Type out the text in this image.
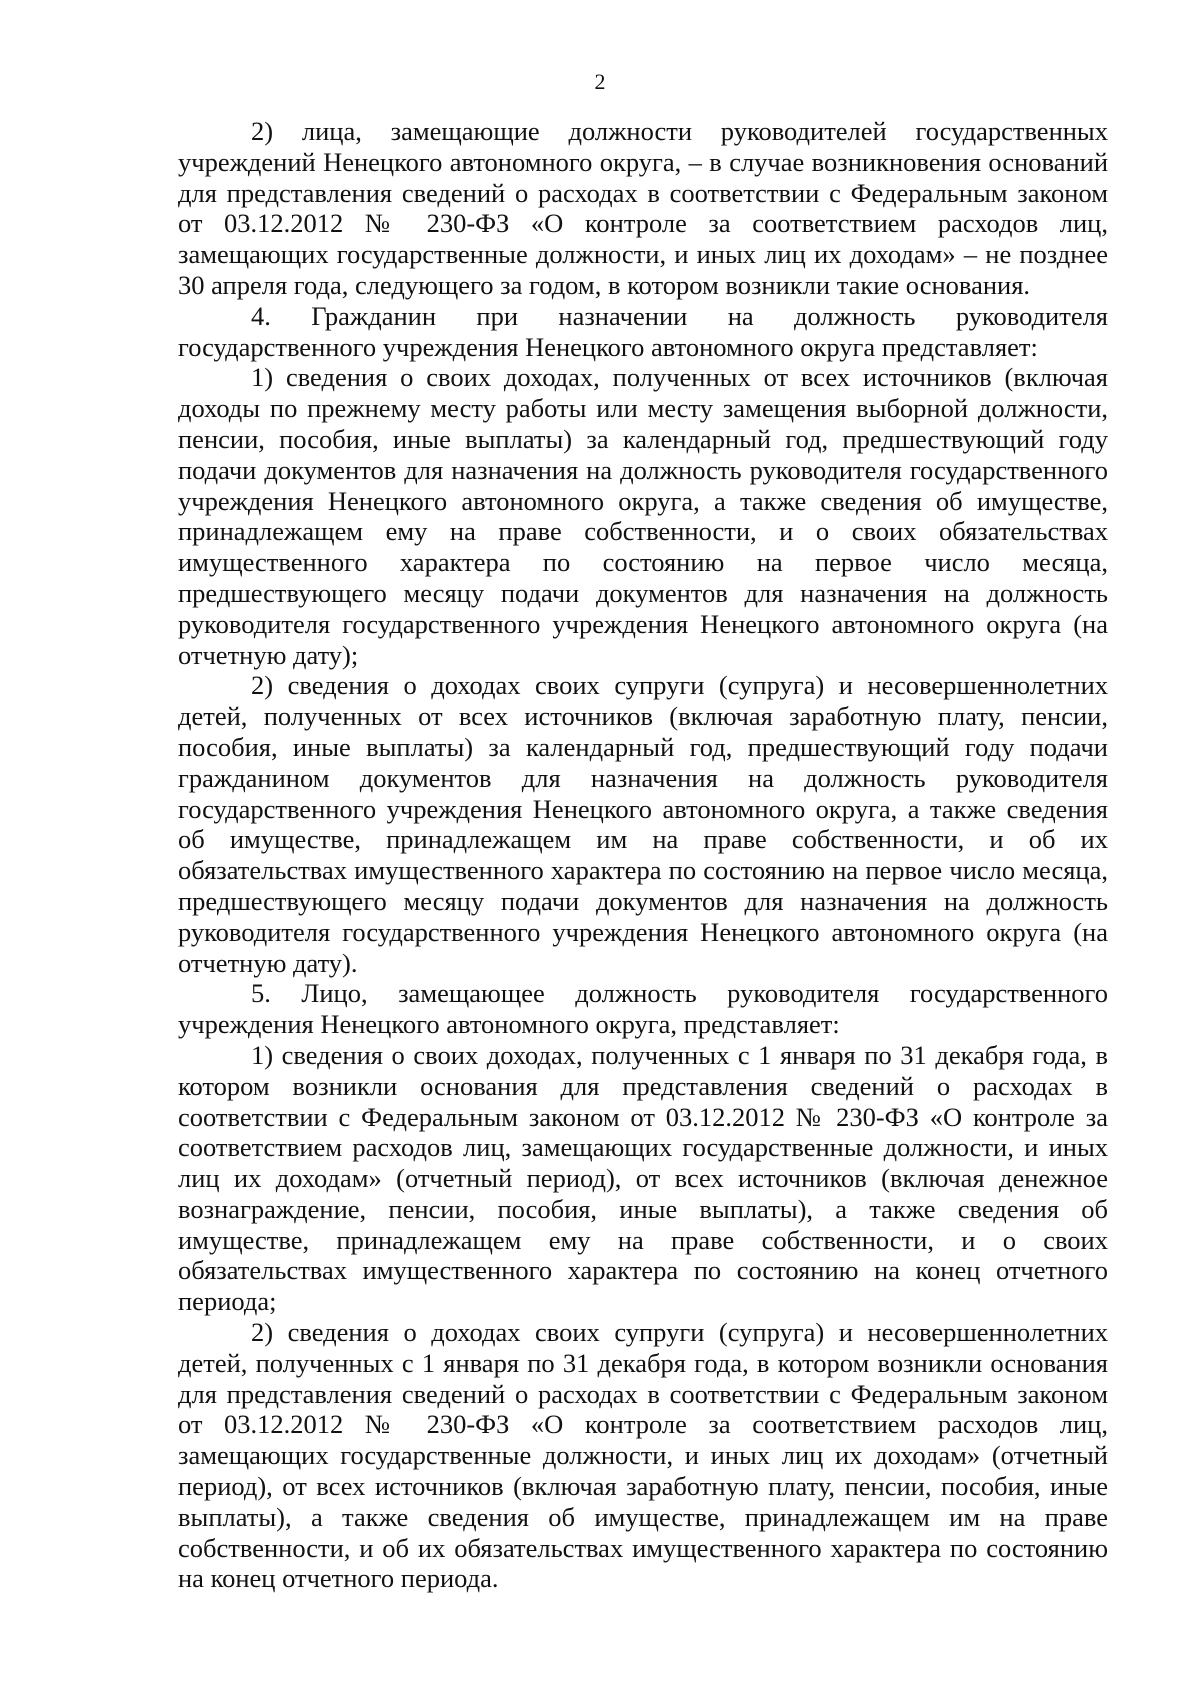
2

2) лица, замещающие должности руководителей государственных учреждений Ненецкого автономного округа, – в случае возникновения оснований для представления сведений о расходах в соответствии с Федеральным законом от 03.12.2012 № 230-ФЗ «О контроле за соответствием расходов лиц, замещающих государственные должности, и иных лиц их доходам» – не позднее 30 апреля года, следующего за годом, в котором возникли такие основания.

4. Гражданин при назначении на должность руководителя государственного учреждения Ненецкого автономного округа представляет:

1) сведения о своих доходах, полученных от всех источников (включая доходы по прежнему месту работы или месту замещения выборной должности, пенсии, пособия, иные выплаты) за календарный год, предшествующий году подачи документов для назначения на должность руководителя государственного учреждения Ненецкого автономного округа, а также сведения об имуществе, принадлежащем ему на праве собственности, и о своих обязательствах имущественного характера по состоянию на первое число месяца, предшествующего месяцу подачи документов для назначения на должность руководителя государственного учреждения Ненецкого автономного округа (на отчетную дату);

2) сведения о доходах своих супруги (супруга) и несовершеннолетних детей, полученных от всех источников (включая заработную плату, пенсии, пособия, иные выплаты) за календарный год, предшествующий году подачи гражданином документов для назначения на должность руководителя государственного учреждения Ненецкого автономного округа, а также сведения об имуществе, принадлежащем им на праве собственности, и об их обязательствах имущественного характера по состоянию на первое число месяца, предшествующего месяцу подачи документов для назначения на должность руководителя государственного учреждения Ненецкого автономного округа (на отчетную дату).

5. Лицо, замещающее должность руководителя государственного учреждения Ненецкого автономного округа, представляет:

1) сведения о своих доходах, полученных с 1 января по 31 декабря года, в котором возникли основания для представления сведений о расходах в соответствии с Федеральным законом от 03.12.2012 № 230-ФЗ «О контроле за соответствием расходов лиц, замещающих государственные должности, и иных лиц их доходам» (отчетный период), от всех источников (включая денежное вознаграждение, пенсии, пособия, иные выплаты), а также сведения об имуществе, принадлежащем ему на праве собственности, и о своих обязательствах имущественного характера по состоянию на конец отчетного периода;

2) сведения о доходах своих супруги (супруга) и несовершеннолетних детей, полученных с 1 января по 31 декабря года, в котором возникли основания для представления сведений о расходах в соответствии с Федеральным законом от 03.12.2012 № 230-ФЗ «О контроле за соответствием расходов лиц, замещающих государственные должности, и иных лиц их доходам» (отчетный период), от всех источников (включая заработную плату, пенсии, пособия, иные выплаты), а также сведения об имуществе, принадлежащем им на праве собственности, и об их обязательствах имущественного характера по состоянию на конец отчетного периода.
